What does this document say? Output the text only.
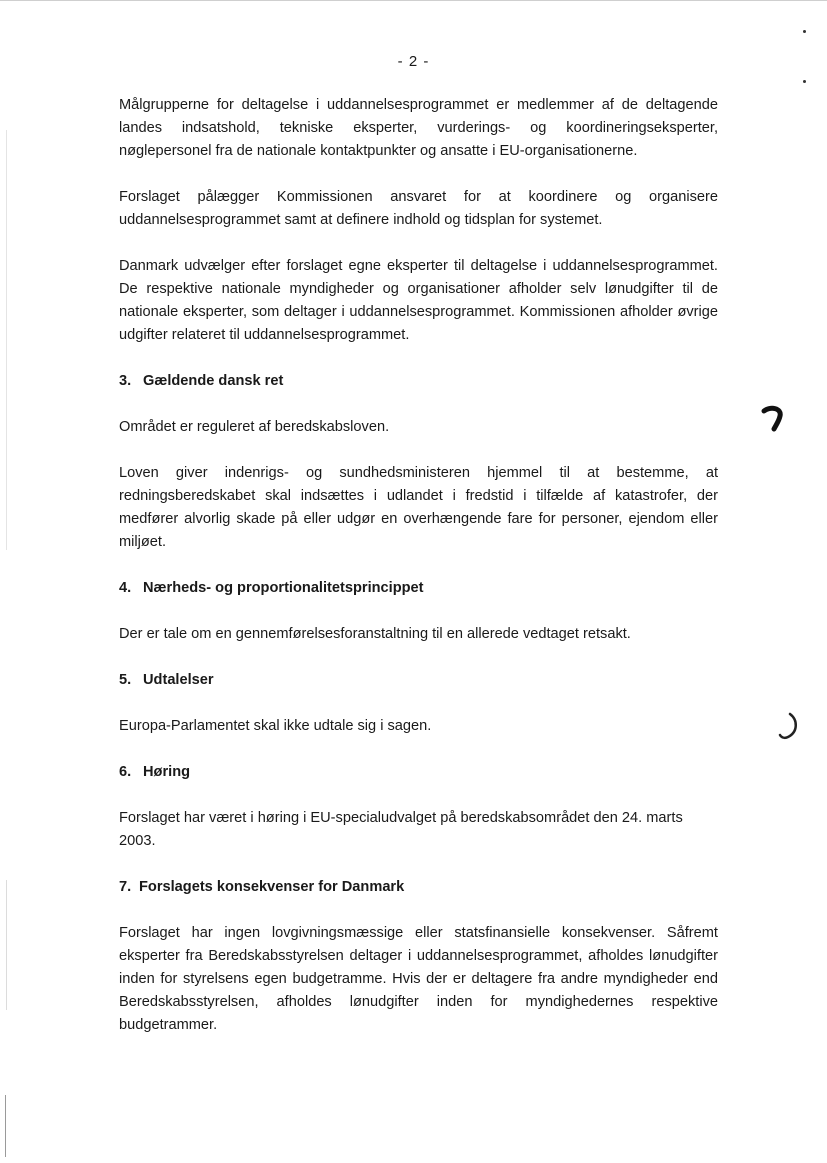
- 2 -

Målgrupperne for deltagelse i uddannelsesprogrammet er medlemmer af de deltagende landes indsatshold, tekniske eksperter, vurderings- og koordineringseksperter, nøglepersonel fra de nationale kontaktpunkter og ansatte i EU-organisationerne.

Forslaget pålægger Kommissionen ansvaret for at koordinere og organisere uddannelsesprogrammet samt at definere indhold og tidsplan for systemet.

Danmark udvælger efter forslaget egne eksperter til deltagelse i uddannelsesprogrammet. De respektive nationale myndigheder og organisationer afholder selv lønudgifter til de nationale eksperter, som deltager i uddannelsesprogrammet. Kommissionen afholder øvrige udgifter relateret til uddannelsesprogrammet.

3. Gældende dansk ret

Området er reguleret af beredskabsloven.

Loven giver indenrigs- og sundhedsministeren hjemmel til at bestemme, at redningsberedskabet skal indsættes i udlandet i fredstid i tilfælde af katastrofer, der medfører alvorlig skade på eller udgør en overhængende fare for personer, ejendom eller miljøet.

4. Nærheds- og proportionalitetsprincippet

Der er tale om en gennemførelsesforanstaltning til en allerede vedtaget retsakt.

5. Udtalelser

Europa-Parlamentet skal ikke udtale sig i sagen.

6. Høring

Forslaget har været i høring i EU-specialudvalget på beredskabsområdet den 24. marts 2003.

7. Forslagets konsekvenser for Danmark

Forslaget har ingen lovgivningsmæssige eller statsfinansielle konsekvenser. Såfremt eksperter fra Beredskabsstyrelsen deltager i uddannelsesprogrammet, afholdes lønudgifter inden for styrelsens egen budgetramme. Hvis der er deltagere fra andre myndigheder end Beredskabsstyrelsen, afholdes lønudgifter inden for myndighedernes respektive budgetrammer.
